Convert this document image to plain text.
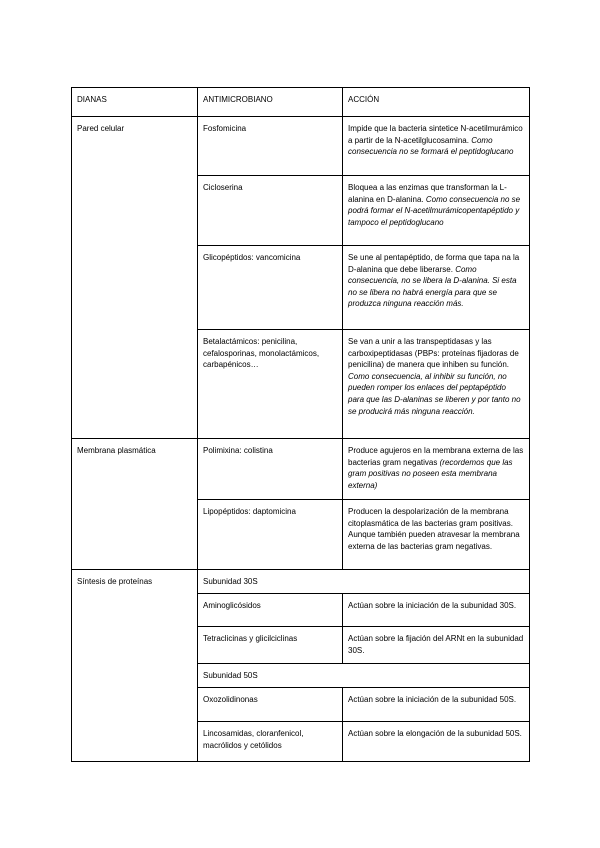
DIANAS	ANTIMICROBIANO	ACCIÓN
Pared celular	Fosfomicina	Impide que la bacteria sintetice N-acetilmurámico a partir de la N-acetilglucosamina. Como consecuencia no se formará el peptidoglucano
	Cicloserina	Bloquea a las enzimas que transforman la L-alanina en D-alanina. Como consecuencia no se podrá formar el N-acetilmurámicopentapéptido y tampoco el peptidoglucano
	Glicopéptidos: vancomicina	Se une al pentapéptido, de forma que tapa na la D-alanina que debe liberarse. Como consecuencia, no se libera la D-alanina. Si esta no se libera no habrá energía para que se produzca ninguna reacción más.
	Betalactámicos: penicilina, cefalosporinas, monolactámicos, carbapénicos…	Se van a unir a las transpeptidasas y las carboxipeptidasas (PBPs: proteínas fijadoras de penicilina) de manera que inhiben su función. Como consecuencia, al inhibir su función, no pueden romper los enlaces del peptapéptido para que las D-alaninas se liberen y por tanto no se producirá más ninguna reacción.
Membrana plasmática	Polimixina: colistina	Produce agujeros en la membrana externa de las bacterias gram negativas (recordemos que las gram positivas no poseen esta membrana externa)
	Lipopéptidos: daptomicina	Producen la despolarización de la membrana citoplasmática de las bacterias gram positivas. Aunque también pueden atravesar la membrana externa de las bacterias gram negativas.
Síntesis de proteínas	Subunidad 30S	
	Aminoglicósidos	Actúan sobre la iniciación de la subunidad 30S.
	Tetraclicinas y glicilciclinas	Actúan sobre la fijación del ARNt en la subunidad 30S.
	Subunidad 50S	
	Oxozolidinonas	Actúan sobre la iniciación de la subunidad 50S.
	Lincosamidas, cloranfenicol, macrólidos y cetólidos	Actúan sobre la elongación de la subunidad 50S.
